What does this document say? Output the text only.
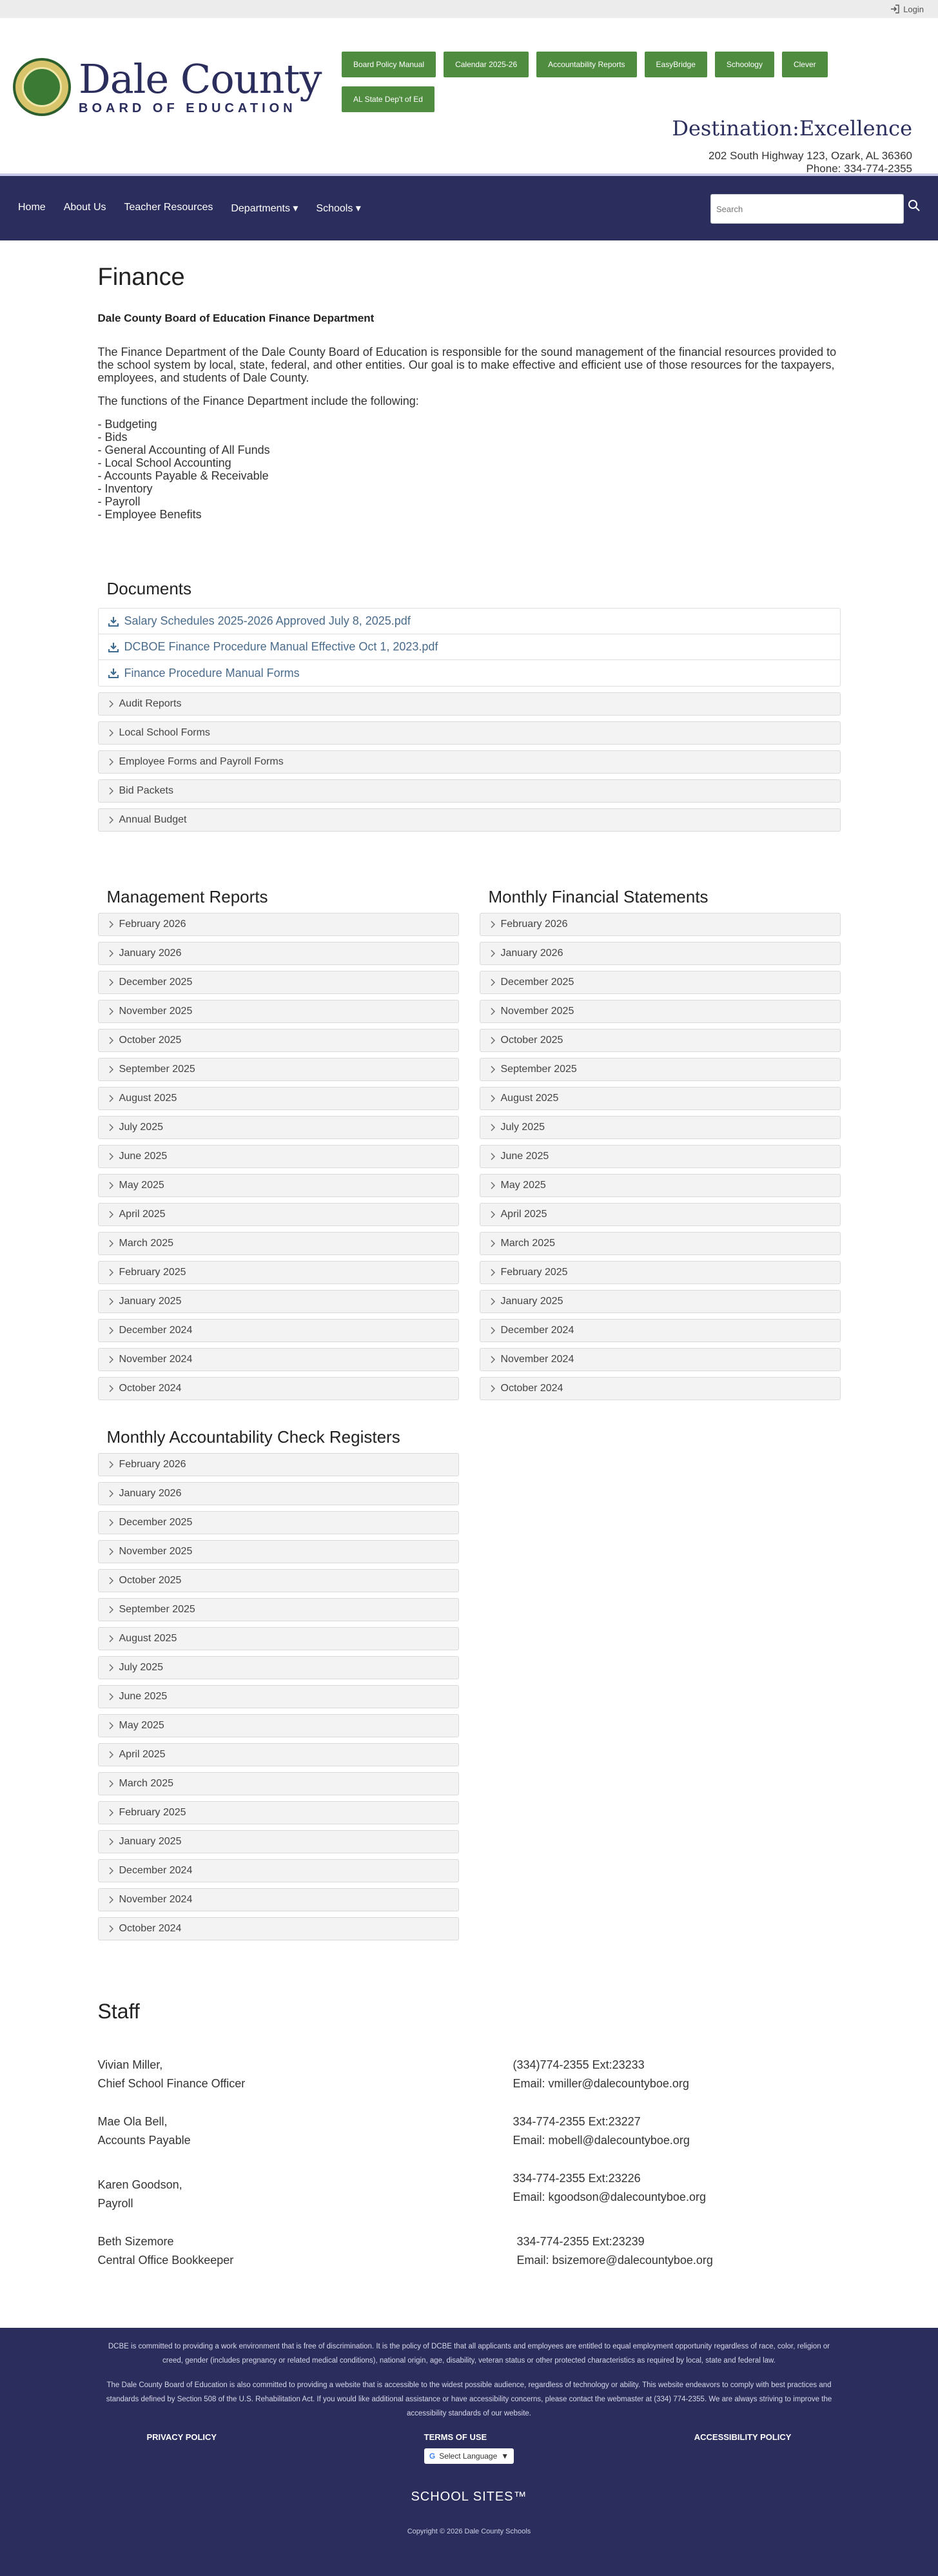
Login
Dale County
BOARD OF EDUCATION
Board Policy Manual	Calendar 2025-26	Accountability Reports	EasyBridge	Schoology	Clever
AL State Dep't of Ed
Destination:Excellence
202 South Highway 123, Ozark, AL 36360
Phone: 334-774-2355
Home	About Us	Teacher Resources	Departments ▾	Schools ▾
Search
Finance
Dale County Board of Education Finance Department

The Finance Department of the Dale County Board of Education is responsible for the sound management of the financial resources provided to the school system by local, state, federal, and other entities. Our goal is to make effective and efficient use of those resources for the taxpayers, employees, and students of Dale County.

The functions of the Finance Department include the following:

- Budgeting
- Bids
- General Accounting of All Funds
- Local School Accounting
- Accounts Payable & Receivable
- Inventory
- Payroll
- Employee Benefits
Documents
Salary Schedules 2025-2026 Approved July 8, 2025.pdf
DCBOE Finance Procedure Manual Effective Oct 1, 2023.pdf
Finance Procedure Manual Forms
Audit Reports
Local School Forms
Employee Forms and Payroll Forms
Bid Packets
Annual Budget
Management Reports
February 2026
January 2026
December 2025
November 2025
October 2025
September 2025
August 2025
July 2025
June 2025
May 2025
April 2025
March 2025
February 2025
January 2025
December 2024
November 2024
October 2024
Monthly Financial Statements
February 2026
January 2026
December 2025
November 2025
October 2025
September 2025
August 2025
July 2025
June 2025
May 2025
April 2025
March 2025
February 2025
January 2025
December 2024
November 2024
October 2024
Monthly Accountability Check Registers
February 2026
January 2026
December 2025
November 2025
October 2025
September 2025
August 2025
July 2025
June 2025
May 2025
April 2025
March 2025
February 2025
January 2025
December 2024
November 2024
October 2024
Staff
Vivian Miller,
Chief School Finance Officer
(334)774-2355 Ext:23233
Email: vmiller@dalecountyboe.org
Mae Ola Bell,
Accounts Payable
334-774-2355 Ext:23227
Email: mobell@dalecountyboe.org
Karen Goodson,
Payroll
334-774-2355 Ext:23226
Email: kgoodson@dalecountyboe.org
Beth Sizemore
Central Office Bookkeeper
334-774-2355 Ext:23239
Email: bsizemore@dalecountyboe.org

DCBE is committed to providing a work environment that is free of discrimination. It is the policy of DCBE that all applicants and employees are entitled to equal employment opportunity regardless of race, color, religion or creed, gender (includes pregnancy or related medical conditions), national origin, age, disability, veteran status or other protected characteristics as required by local, state and federal law.

The Dale County Board of Education is also committed to providing a website that is accessible to the widest possible audience, regardless of technology or ability. This website endeavors to comply with best practices and standards defined by Section 508 of the U.S. Rehabilitation Act. If you would like additional assistance or have accessibility concerns, please contact the webmaster at (334) 774-2355. We are always striving to improve the accessibility standards of our website.

PRIVACY POLICY	TERMS OF USE	ACCESSIBILITY POLICY
G Select Language ▼
SCHOOL SITES™
Copyright © 2026 Dale County Schools
